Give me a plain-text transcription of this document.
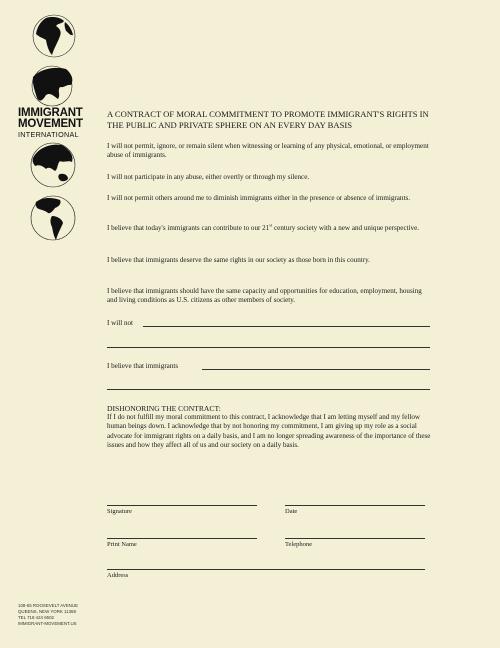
IMMIGRANT
MOVEMENT
INTERNATIONAL

A CONTRACT OF MORAL COMMITMENT TO PROMOTE IMMIGRANT'S RIGHTS IN THE PUBLIC AND PRIVATE SPHERE ON AN EVERY DAY BASIS

I will not permit, ignore, or remain silent when witnessing or learning of any physical, emotional, or employment abuse of immigrants.

I will not participate in any abuse, either overtly or through my silence.

I will not permit others around me to diminish immigrants either in the presence or absence of immigrants.

I believe that today's immigrants can contribute to our 21st century society with a new and unique perspective.

I believe that immigrants deserve the same rights in our society as those born in this country.

I believe that immigrants should have the same capacity and opportunities for education, employment, housing and living conditions as U.S. citizens as other members of society.

I will not
I believe that immigrants

DISHONORING THE CONTRACT:

If I do not fulfill my moral commitment to this contract, I acknowledge that I am letting myself and my fellow human beings down. I acknowledge that by not honoring my commitment, I am giving up my role as a social advocate for immigrant rights on a daily basis, and I am no longer spreading awareness of the importance of these issues and how they affect all of us and our society on a daily basis.

Signature	Date
Print Name	Telephone
Address
108-55 ROOSEVELT AVENUE
QUEENS, NEW YORK 11368
TEL 718 424 6502
IMMIGRANT-MOVEMENT.US
